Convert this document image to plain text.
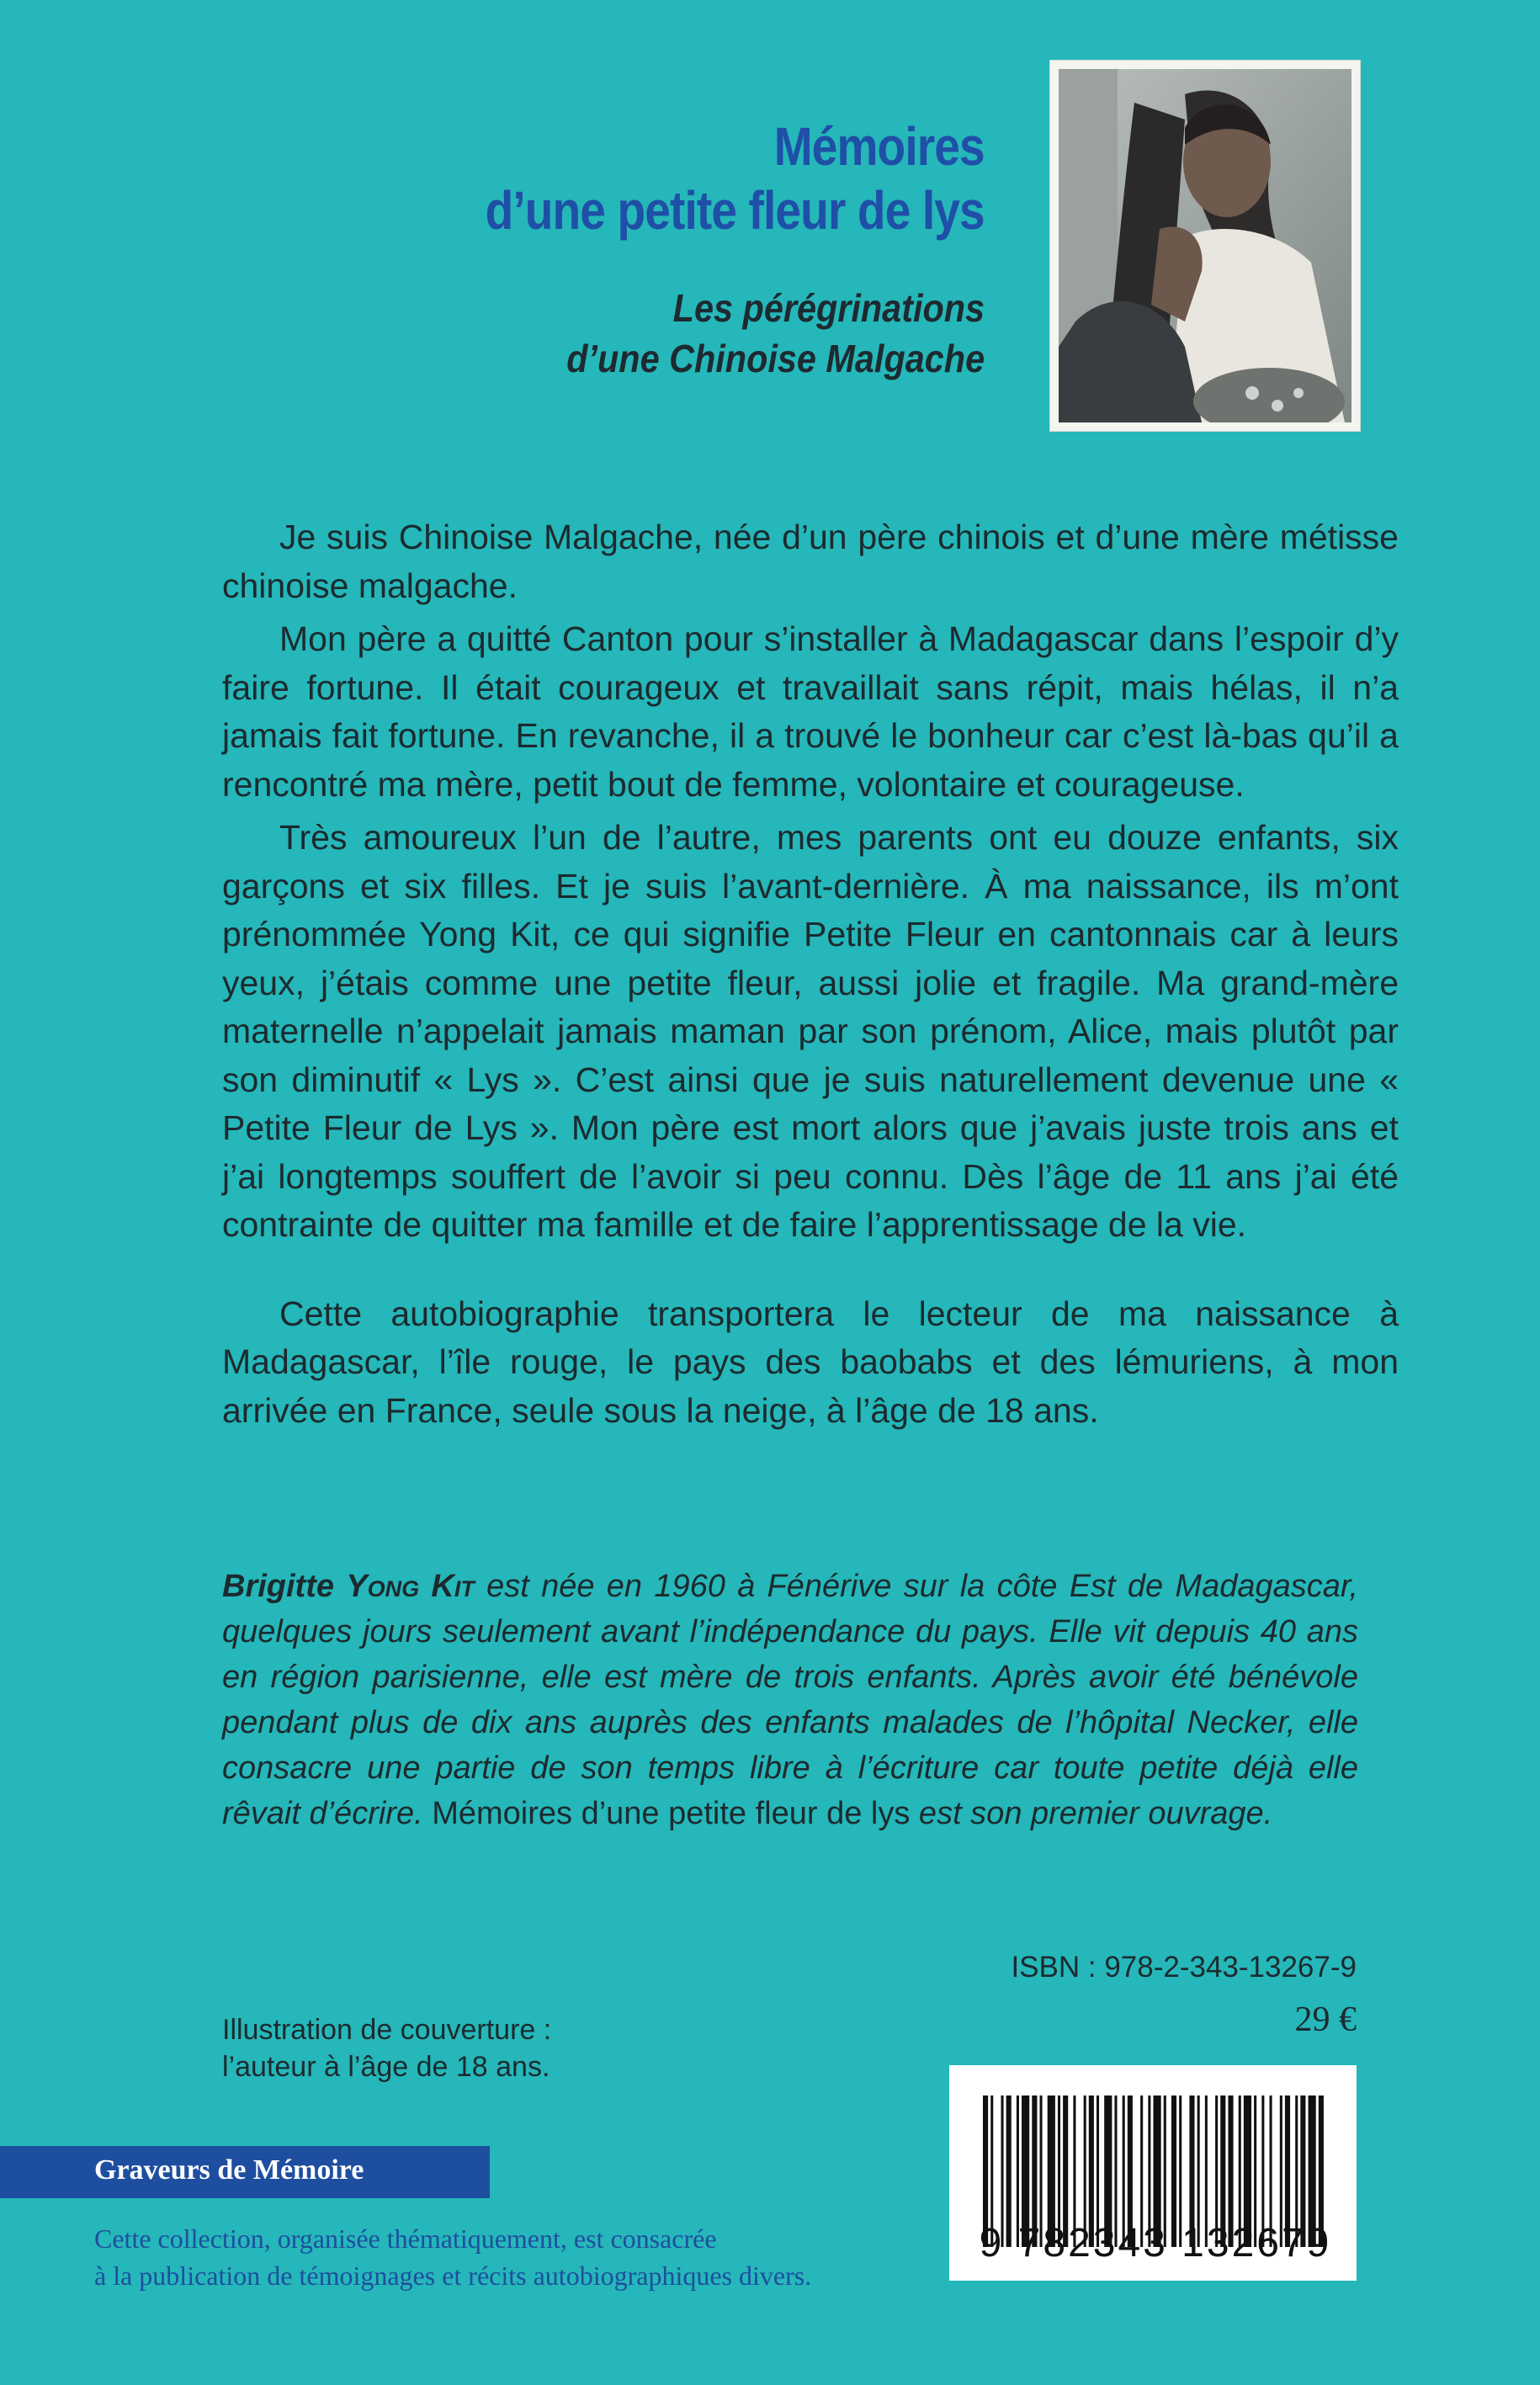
Mémoires
d’une petite fleur de lys
Les pérégrinations
d’une Chinoise Malgache

Je suis Chinoise Malgache, née d’un père chinois et d’une mère métisse chinoise malgache.

Mon père a quitté Canton pour s’installer à Madagascar dans l’espoir d’y faire fortune. Il était courageux et travaillait sans répit, mais hélas, il n’a jamais fait fortune. En revanche, il a trouvé le bonheur car c’est là-bas qu’il a rencontré ma mère, petit bout de femme, volontaire et courageuse.

Très amoureux l’un de l’autre, mes parents ont eu douze enfants, six garçons et six filles. Et je suis l’avant-dernière. À ma naissance, ils m’ont prénommée Yong Kit, ce qui signifie Petite Fleur en cantonnais car à leurs yeux, j’étais comme une petite fleur, aussi jolie et fragile. Ma grand-mère maternelle n’appelait jamais maman par son prénom, Alice, mais plutôt par son diminutif « Lys ». C’est ainsi que je suis naturellement devenue une « Petite Fleur de Lys ». Mon père est mort alors que j’avais juste trois ans et j’ai longtemps souffert de l’avoir si peu connu. Dès l’âge de 11 ans j’ai été contrainte de quitter ma famille et de faire l’apprentissage de la vie.

Cette autobiographie transportera le lecteur de ma naissance à Madagascar, l’île rouge, le pays des baobabs et des lémuriens, à mon arrivée en France, seule sous la neige, à l’âge de 18 ans.

Brigitte Yong Kit est née en 1960 à Fénérive sur la côte Est de Madagascar, quelques jours seulement avant l’indépendance du pays. Elle vit depuis 40 ans en région parisienne, elle est mère de trois enfants. Après avoir été bénévole pendant plus de dix ans auprès des enfants malades de l’hôpital Necker, elle consacre une partie de son temps libre à l’écriture car toute petite déjà elle rêvait d’écrire. Mémoires d’une petite fleur de lys est son premier ouvrage.
ISBN : 978-2-343-13267-9
29 €
Illustration de couverture :
l’auteur à l’âge de 18 ans.
9 782343 132679
Graveurs de Mémoire
Cette collection, organisée thématiquement, est consacrée
à la publication de témoignages et récits autobiographiques divers.
